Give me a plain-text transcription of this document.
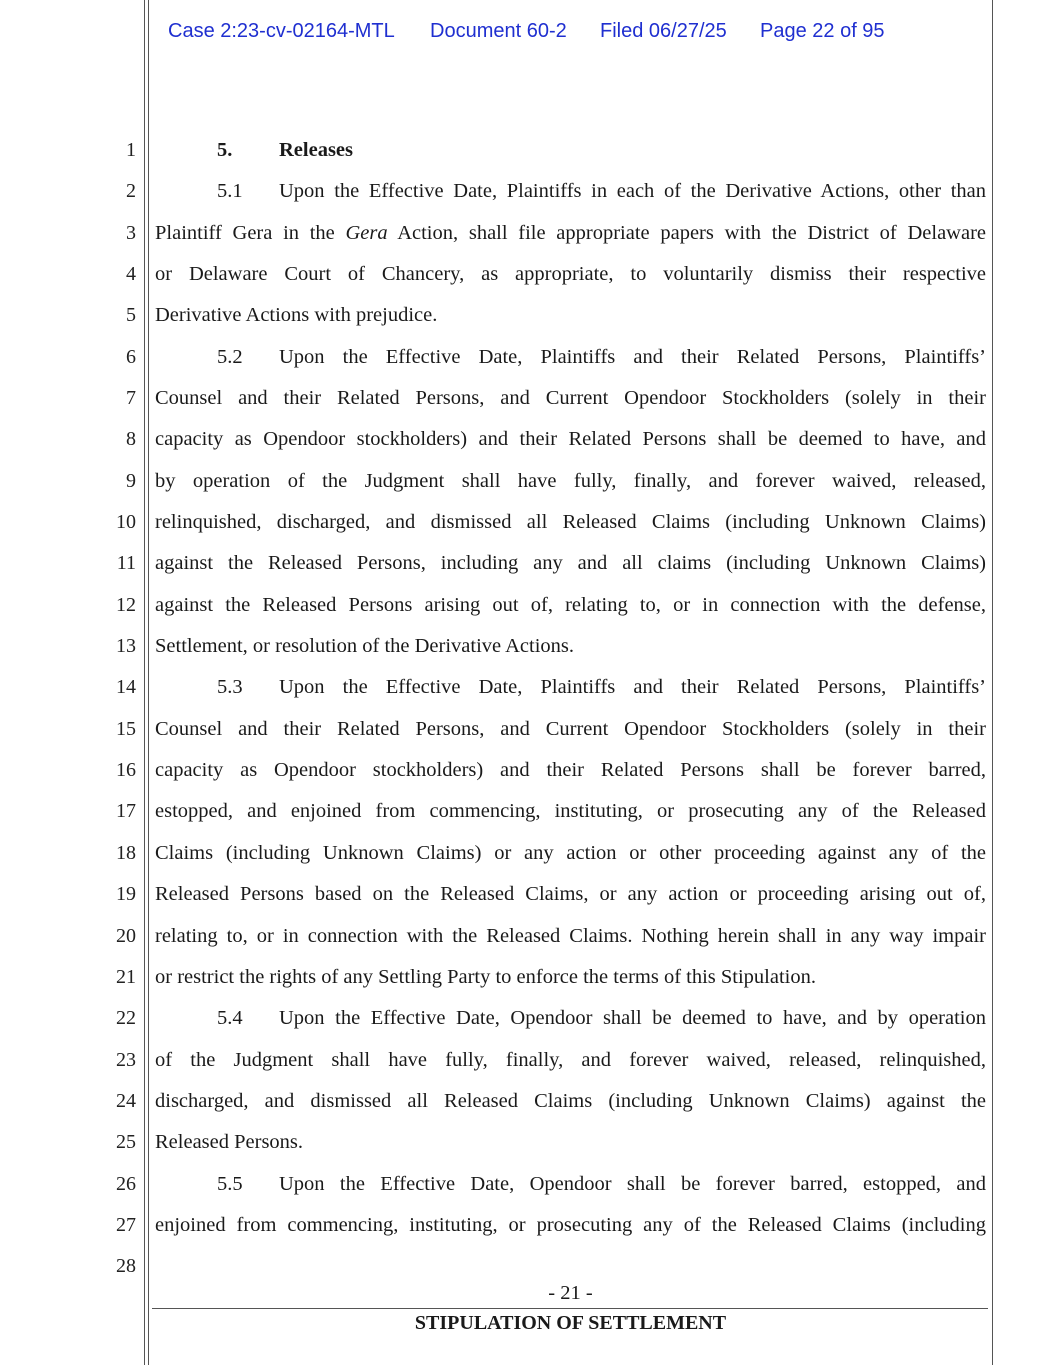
Case 2:23-cv-02164-MTL Document 60-2 Filed 06/27/25 Page 22 of 95
1
2
3
4
5
6
7
8
9
10
11
12
13
14
15
16
17
18
19
20
21
22
23
24
25
26
27
28
5. Releases
5.1 Upon the Effective Date, Plaintiffs in each of the Derivative Actions, other than
Plaintiff Gera in the Gera Action, shall file appropriate papers with the District of Delaware
or Delaware Court of Chancery, as appropriate, to voluntarily dismiss their respective
Derivative Actions with prejudice.
5.2 Upon the Effective Date, Plaintiffs and their Related Persons, Plaintiffs’
Counsel and their Related Persons, and Current Opendoor Stockholders (solely in their
capacity as Opendoor stockholders) and their Related Persons shall be deemed to have, and
by operation of the Judgment shall have fully, finally, and forever waived, released,
relinquished, discharged, and dismissed all Released Claims (including Unknown Claims)
against the Released Persons, including any and all claims (including Unknown Claims)
against the Released Persons arising out of, relating to, or in connection with the defense,
Settlement, or resolution of the Derivative Actions.
5.3 Upon the Effective Date, Plaintiffs and their Related Persons, Plaintiffs’
Counsel and their Related Persons, and Current Opendoor Stockholders (solely in their
capacity as Opendoor stockholders) and their Related Persons shall be forever barred,
estopped, and enjoined from commencing, instituting, or prosecuting any of the Released
Claims (including Unknown Claims) or any action or other proceeding against any of the
Released Persons based on the Released Claims, or any action or proceeding arising out of,
relating to, or in connection with the Released Claims. Nothing herein shall in any way impair
or restrict the rights of any Settling Party to enforce the terms of this Stipulation.
5.4 Upon the Effective Date, Opendoor shall be deemed to have, and by operation
of the Judgment shall have fully, finally, and forever waived, released, relinquished,
discharged, and dismissed all Released Claims (including Unknown Claims) against the
Released Persons.
5.5 Upon the Effective Date, Opendoor shall be forever barred, estopped, and
enjoined from commencing, instituting, or prosecuting any of the Released Claims (including
- 21 -
STIPULATION OF SETTLEMENT
